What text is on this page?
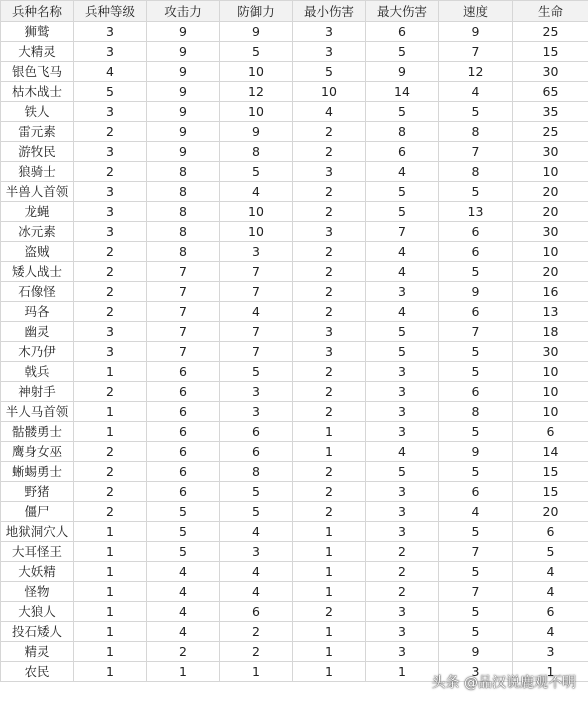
兵种名称	兵种等级	攻击力	防御力	最小伤害	最大伤害	速度	生命
狮鹫	3	9	9	3	6	9	25
大精灵	3	9	5	3	5	7	15
银色飞马	4	9	10	5	9	12	30
枯木战士	5	9	12	10	14	4	65
铁人	3	9	10	4	5	5	35
雷元素	2	9	9	2	8	8	25
游牧民	3	9	8	2	6	7	30
狼骑士	2	8	5	3	4	8	10
半兽人首领	3	8	4	2	5	5	20
龙蝇	3	8	10	2	5	13	20
冰元素	3	8	10	3	7	6	30
盗贼	2	8	3	2	4	6	10
矮人战士	2	7	7	2	4	5	20
石像怪	2	7	7	2	3	9	16
玛各	2	7	4	2	4	6	13
幽灵	3	7	7	3	5	7	18
木乃伊	3	7	7	3	5	5	30
戟兵	1	6	5	2	3	5	10
神射手	2	6	3	2	3	6	10
半人马首领	1	6	3	2	3	8	10
骷髅勇士	1	6	6	1	3	5	6
鹰身女巫	2	6	6	1	4	9	14
蜥蜴勇士	2	6	8	2	5	5	15
野猪	2	6	5	2	3	6	15
僵尸	2	5	5	2	3	4	20
地狱洞穴人	1	5	4	1	3	5	6
大耳怪王	1	5	3	1	2	7	5
大妖精	1	4	4	1	2	5	4
怪物	1	4	4	1	2	7	4
大狼人	1	4	6	2	3	5	6
投石矮人	1	4	2	1	3	5	4
精灵	1	2	2	1	3	9	3
农民	1	1	1	1	1	3	1
头条 @品汉说鹿观不明
